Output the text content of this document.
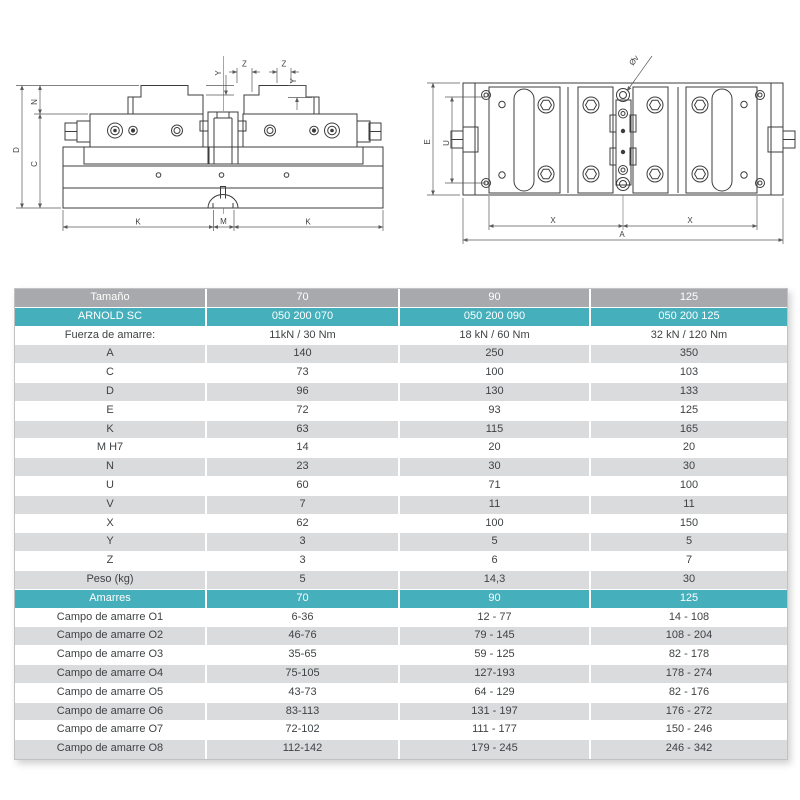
D
N
C
Y
Z	Z
Y
K	M	K
E U
X	X
A
Øv
Tamaño	70	90	125
ARNOLD SC	050 200 070	050 200 090	050 200 125
Fuerza de amarre:	11kN / 30 Nm	18 kN / 60 Nm	32 kN / 120 Nm
A	140	250	350
C	73	100	103
D	96	130	133
E	72	93	125
K	63	115	165
M H7	14	20	20
N	23	30	30
U	60	71	100
V	7	11	11
X	62	100	150
Y	3	5	5
Z	3	6	7
Peso (kg)	5	14,3	30
Amarres	70	90	125
Campo de amarre O1	6-36	12 - 77	14 - 108
Campo de amarre O2	46-76	79 - 145	108 - 204
Campo de amarre O3	35-65	59 - 125	82 - 178
Campo de amarre O4	75-105	127-193	178 - 274
Campo de amarre O5	43-73	64 - 129	82 - 176
Campo de amarre O6	83-113	131 - 197	176 - 272
Campo de amarre O7	72-102	111 - 177	150 - 246
Campo de amarre O8	112-142	179 - 245	246 - 342
